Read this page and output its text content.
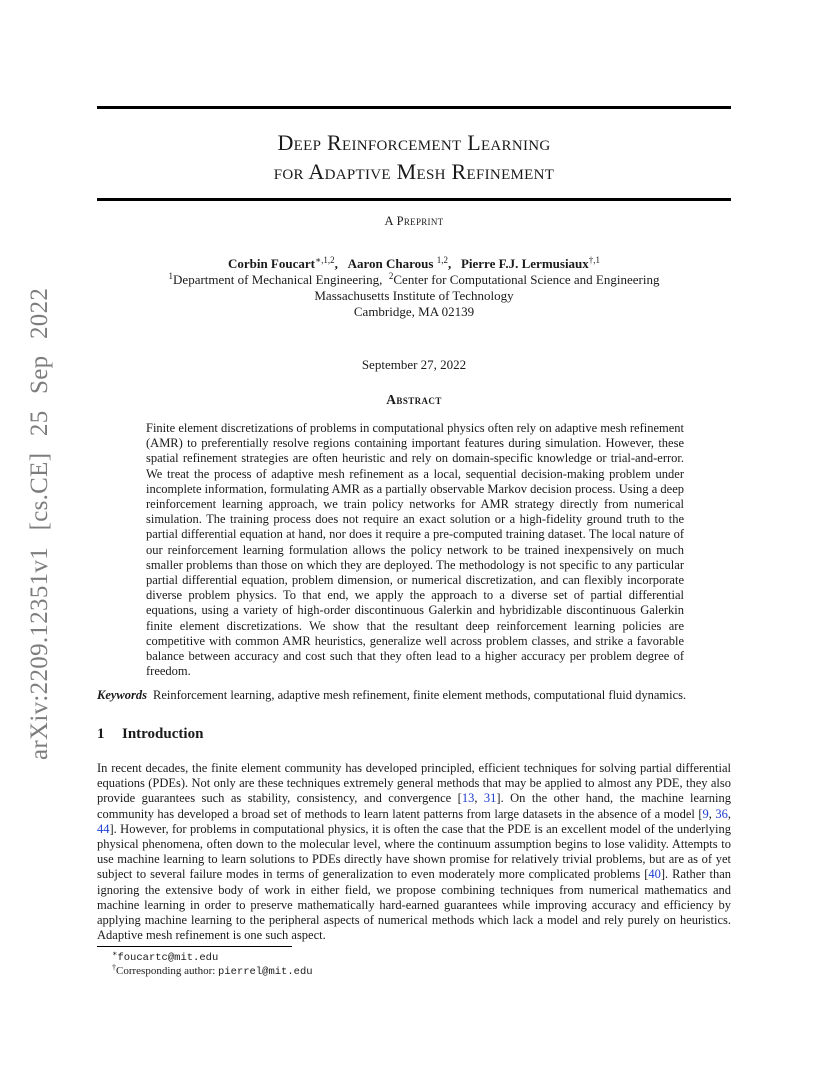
arXiv:2209.12351v1 [cs.CE] 25 Sep 2022
Deep Reinforcement Learning
for Adaptive Mesh Refinement
A Preprint
Corbin Foucart$^{∗,1,2}$, Aaron Charous $^{1,2}$, Pierre F.J. Lermusiaux$^{\dagger,1}$
$^1$Department of Mechanical Engineering, $^2$Center for Computational Science and Engineering
Massachusetts Institute of Technology
Cambridge, MA 02139
September 27, 2022
Abstract

Finite element discretizations of problems in computational physics often rely on adaptive mesh refinement (AMR) to preferentially resolve regions containing important features during simulation. However, these spatial refinement strategies are often heuristic and rely on domain-specific knowledge or trial-and-error. We treat the process of adaptive mesh refinement as a local, sequential decision-making problem under incomplete information, formulating AMR as a partially observable Markov decision process. Using a deep reinforcement learning approach, we train policy networks for AMR strategy directly from numerical simulation. The training process does not require an exact solution or a high-fidelity ground truth to the partial differential equation at hand, nor does it require a pre-computed training dataset. The local nature of our reinforcement learning formulation allows the policy network to be trained inexpensively on much smaller problems than those on which they are deployed. The methodology is not specific to any particular partial differential equation, problem dimension, or numerical discretization, and can flexibly incorporate diverse problem physics. To that end, we apply the approach to a diverse set of partial differential equations, using a variety of high-order discontinuous Galerkin and hybridizable discontinuous Galerkin finite element discretizations. We show that the resultant deep reinforcement learning policies are competitive with common AMR heuristics, generalize well across problem classes, and strike a favorable balance between accuracy and cost such that they often lead to a higher accuracy per problem degree of freedom.

Keywords Reinforcement learning, adaptive mesh refinement, finite element methods, computational fluid dynamics.
1 Introduction

In recent decades, the finite element community has developed principled, efficient techniques for solving partial differential equations (PDEs). Not only are these techniques extremely general methods that may be applied to almost any PDE, they also provide guarantees such as stability, consistency, and convergence [13, 31]. On the other hand, the machine learning community has developed a broad set of methods to learn latent patterns from large datasets in the absence of a model [9, 36, 44]. However, for problems in computational physics, it is often the case that the PDE is an excellent model of the underlying physical phenomena, often down to the molecular level, where the continuum assumption begins to lose validity. Attempts to use machine learning to learn solutions to PDEs directly have shown promise for relatively trivial problems, but are as of yet subject to several failure modes in terms of generalization to even moderately more complicated problems [40]. Rather than ignoring the extensive body of work in either field, we propose combining techniques from numerical mathematics and machine learning in order to preserve mathematically hard-earned guarantees while improving accuracy and efficiency by applying machine learning to the peripheral aspects of numerical methods which lack a model and rely purely on heuristics. Adaptive mesh refinement is one such aspect.

∗foucartc@mit.edu
†Corresponding author: pierrel@mit.edu
